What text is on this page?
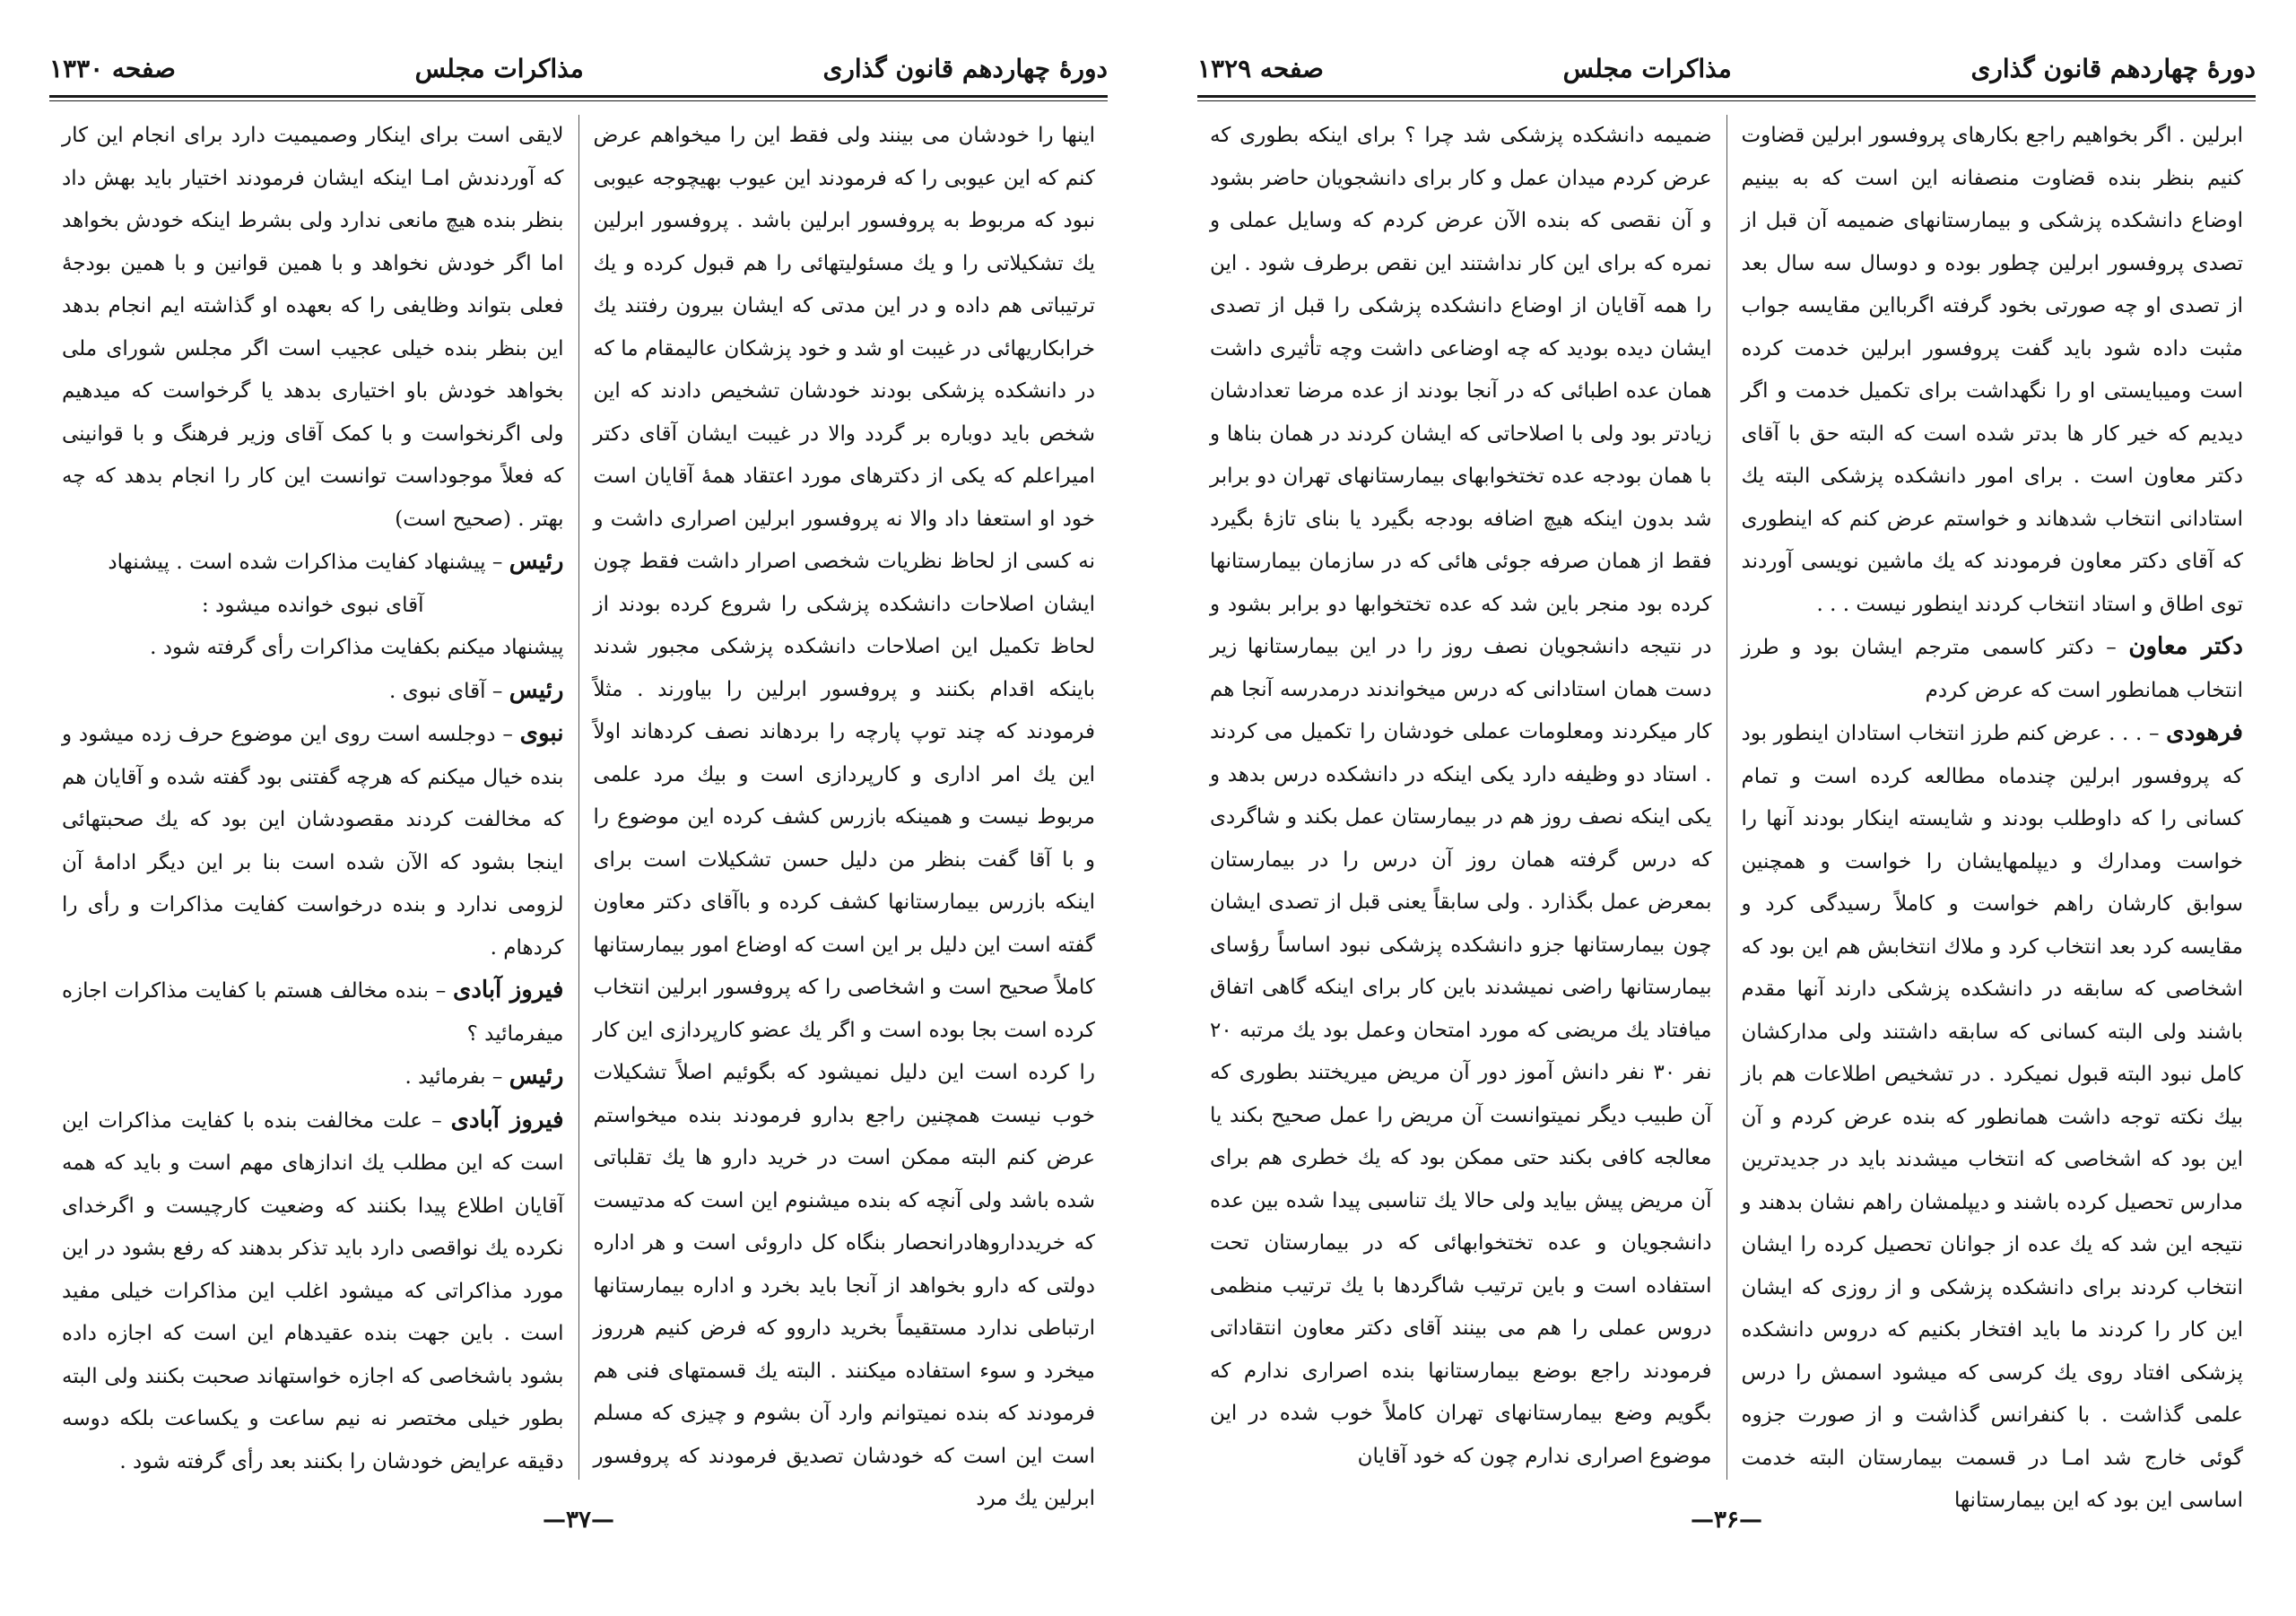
دورهٔ چهاردهم قانون گذاری
مذاکرات مجلس
صفحه ۱۳۳۰

اینها را خودشان می بینند ولی فقط این را میخواهم عرض کنم که این عیوبی را که فرمودند این عیوب بهیچوجه عیوبی نبود که مربوط به پروفسور ابرلین باشد . پروفسور ابرلین یك تشکیلاتی را و یك مسئولیتهائی را هم قبول کرده و یك ترتیباتی هم داده و در این مدتی که ایشان بیرون رفتند یك خرابکاریهائی در غیبت او شد و خود پزشکان عالیمقام ما که در دانشکده پزشکی بودند خودشان تشخیص دادند که این شخص باید دوباره بر گردد والا در غیبت ایشان آقای دکتر امیراعلم که یکی از دکترهای مورد اعتقاد همهٔ آقایان است خود او استعفا داد والا نه پروفسور ابرلین اصراری داشت و نه کسی از لحاظ نظریات شخصی اصرار داشت فقط چون ایشان اصلاحات دانشکده پزشکی را شروع کرده بودند از لحاظ تکمیل این اصلاحات دانشکده پزشکی مجبور شدند باینکه اقدام بکنند و پروفسور ابرلین را بیاورند . مثلاً فرمودند که چند توپ پارچه را بردهاند نصف کردهاند اولاً این یك امر اداری و کارپردازی است و بیك مرد علمی مربوط نیست و همینکه بازرس کشف کرده این موضوع را و با آقا گفت بنظر من دلیل حسن تشکیلات است برای اینکه بازرس بیمارستانها کشف کرده و باآقای دکتر معاون گفته است این دلیل بر این است که اوضاع امور بیمارستانها کاملاً صحیح است و اشخاصی را که پروفسور ابرلین انتخاب کرده است بجا بوده است و اگر یك عضو کارپردازی این کار را کرده است این دلیل نمیشود که بگوئیم اصلاً تشکیلات خوب نیست همچنین راجع بدارو فرمودند بنده میخواستم عرض کنم البته ممکن است در خرید دارو ها یك تقلباتی شده باشد ولی آنچه که بنده میشنوم این است که مدتیست که خریدداروهادرانحصار بنگاه کل داروئی است و هر اداره دولتی که دارو بخواهد از آنجا باید بخرد و اداره بیمارستانها ارتباطی ندارد مستقیماً بخرید داروو که فرض کنیم هرروز میخرد و سوء استفاده میکنند . البته یك قسمتهای فنی هم فرمودند که بنده نمیتوانم وارد آن بشوم و چیزی که مسلم است این است که خودشان تصدیق فرمودند که پروفسور ابرلین یك مرد

لایقی است برای اینکار وصمیمیت دارد برای انجام این کار که آوردندش امـا اینکه ایشان فرمودند اختیار باید بهش داد بنظر بنده هیچ مانعی ندارد ولی بشرط اینکه خودش بخواهد اما اگر خودش نخواهد و با همین قوانین و با همین بودجهٔ فعلی بتواند وظایفی را که بعهده او گذاشته ایم انجام بدهد این بنظر بنده خیلی عجیب است اگر مجلس شورای ملی بخواهد خودش باو اختیاری بدهد یا گرخواست که میدهیم ولی اگرنخواست و با کمک آقای وزیر فرهنگ و با قوانینی که فعلاً موجوداست توانست این کار را انجام بدهد که چه بهتر . (صحیح است)

رئیس – پیشنهاد کفایت مذاکرات شده است . پیشنهاد

آقای نبوی خوانده میشود :

پیشنهاد میکنم بکفایت مذاکرات رأی گرفته شود .

رئیس – آقای نبوی .

نبوی – دوجلسه است روی این موضوع حرف زده میشود و بنده خیال میکنم که هرچه گفتنی بود گفته شده و آقایان هم که مخالفت کردند مقصودشان این بود که یك صحبتهائی اینجا بشود که الآن شده است بنا بر این دیگر ادامهٔ آن لزومی ندارد و بنده درخواست کفایت مذاکرات و رأی را کردهام .

فیروز آبادی – بنده مخالف هستم با کفایت مذاکرات اجازه میفرمائید ؟

رئیس – بفرمائید .

فیروز آبادی – علت مخالفت بنده با کفایت مذاکرات این است که این مطلب یك اندازهای مهم است و باید که همه آقایان اطلاع پیدا بکنند که وضعیت کارچیست و اگرخدای نکرده یك نواقصی دارد باید تذکر بدهند که رفع بشود در این مورد مذاکراتی که میشود اغلب این مذاکرات خیلی مفید است . باین جهت بنده عقیدهام این است که اجازه داده بشود باشخاصی که اجازه خواستهاند صحبت بکنند ولی البته بطور خیلی مختصر نه نیم ساعت و یکساعت بلکه دوسه دقیقه عرایض خودشان را بکنند بعد رأی گرفته شود .

—۳۷—
دورهٔ چهاردهم قانون گذاری
مذاکرات مجلس
صفحه ۱۳۲۹

ابرلین . اگر بخواهیم راجع بکارهای پروفسور ابرلین قضاوت کنیم بنظر بنده قضاوت منصفانه این است که به بینیم اوضاع دانشکده پزشکی و بیمارستانهای ضمیمه آن قبل از تصدی پروفسور ابرلین چطور بوده و دوسال سه سال بعد از تصدی او چه صورتی بخود گرفته اگربااین مقایسه جواب مثبت داده شود باید گفت پروفسور ابرلین خدمت کرده است ومیبایستی او را نگهداشت برای تکمیل خدمت و اگر دیدیم که خیر کار ها بدتر شده است که البته حق با آقای دکتر معاون است . برای امور دانشکده پزشکی البته یك استادانی انتخاب شدهاند و خواستم عرض کنم که اینطوری که آقای دکتر معاون فرمودند که یك ماشین نویسی آوردند توی اطاق و استاد انتخاب کردند اینطور نیست . . .

دکتر معاون – دکتر کاسمی مترجم ایشان بود و طرز انتخاب همانطور است که عرض کردم

فرهودی – . . . عرض کنم طرز انتخاب استادان اینطور بود که پروفسور ابرلین چندماه مطالعه کرده است و تمام کسانی را که داوطلب بودند و شایسته اینکار بودند آنها را خواست ومدارك و دیپلمهایشان را خواست و همچنین سوابق کارشان راهم خواست و کاملاً رسیدگی کرد و مقایسه کرد بعد انتخاب کرد و ملاك انتخابش هم این بود که اشخاصی که سابقه در دانشکده پزشکی دارند آنها مقدم باشند ولی البته کسانی که سابقه داشتند ولی مدارکشان کامل نبود البته قبول نمیکرد . در تشخیص اطلاعات هم باز بیك نکته توجه داشت همانطور که بنده عرض کردم و آن این بود که اشخاصی که انتخاب میشدند باید در جدیدترین مدارس تحصیل کرده باشند و دیپلمشان راهم نشان بدهند و نتیجه این شد که یك عده از جوانان تحصیل کرده را ایشان انتخاب کردند برای دانشکده پزشکی و از روزی که ایشان این کار را کردند ما باید افتخار بکنیم که دروس دانشکده پزشکی افتاد روی یك کرسی که میشود اسمش را درس علمی گذاشت . با کنفرانس گذاشت و از صورت جزوه گوئی خارج شد امـا در قسمت بیمارستان البته خدمت اساسی این بود که این بیمارستانها

ضمیمه دانشکده پزشکی شد چرا ؟ برای اینکه بطوری که عرض کردم میدان عمل و کار برای دانشجویان حاضر بشود و آن نقصی که بنده الآن عرض کردم که وسایل عملی و نمره که برای این کار نداشتند این نقص برطرف شود . این را همه آقایان از اوضاع دانشکده پزشکی را قبل از تصدی ایشان دیده بودید که چه اوضاعی داشت وچه تأثیری داشت همان عده اطبائی که در آنجا بودند از عده مرضا تعدادشان زیادتر بود ولی با اصلاحاتی که ایشان کردند در همان بناها و با همان بودجه عده تختخوابهای بیمارستانهای تهران دو برابر شد بدون اینکه هیچ اضافه بودجه بگیرد یا بنای تازهٔ بگیرد فقط از همان صرفه جوئی هائی که در سازمان بیمارستانها کرده بود منجر باین شد که عده تختخوابها دو برابر بشود و در نتیجه دانشجویان نصف روز را در این بیمارستانها زیر دست همان استادانی که درس میخواندند درمدرسه آنجا هم کار میکردند ومعلومات عملی خودشان را تکمیل می کردند . استاد دو وظیفه دارد یکی اینکه در دانشکده درس بدهد و یکی اینکه نصف روز هم در بیمارستان عمل بکند و شاگردی که درس گرفته همان روز آن درس را در بیمارستان بمعرض عمل بگذارد . ولی سابقاً یعنی قبل از تصدی ایشان چون بیمارستانها جزو دانشکده پزشکی نبود اساساً رؤسای بیمارستانها راضی نمیشدند باین کار برای اینکه گاهی اتفاق میافتاد یك مریضی که مورد امتحان وعمل بود یك مرتبه ۲۰ نفر ۳۰ نفر دانش آموز دور آن مریض میریختند بطوری که آن طبیب دیگر نمیتوانست آن مریض را عمل صحیح بکند یا معالجه کافی بکند حتی ممکن بود که یك خطری هم برای آن مریض پیش بیاید ولی حالا یك تناسبی پیدا شده بین عده دانشجویان و عده تختخوابهائی که در بیمارستان تحت استفاده است و باین ترتیب شاگردها با یك ترتیب منظمی دروس عملی را هم می بینند آقای دکتر معاون انتقاداتی فرمودند راجع بوضع بیمارستانها بنده اصراری ندارم که بگویم وضع بیمارستانهای تهران کاملاً خوب شده در این موضوع اصراری ندارم چون که خود آقایان

—۳۶—
